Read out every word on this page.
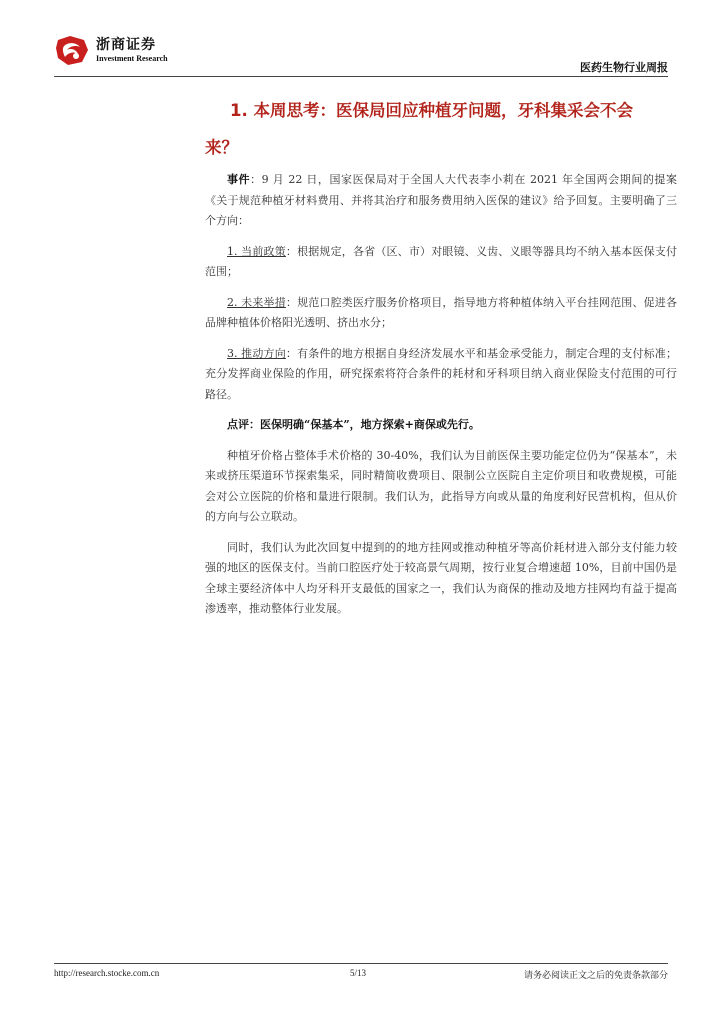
浙商证券
Investment Research
医药生物行业周报
1. 本周思考：医保局回应种植牙问题，牙科集采会不会
来？

事件：9 月 22 日，国家医保局对于全国人大代表李小莉在 2021 年全国两会期间的提案《关于规范种植牙材料费用、并将其治疗和服务费用纳入医保的建议》给予回复。主要明确了三个方向：

1. 当前政策：根据规定，各省（区、市）对眼镜、义齿、义眼等器具均不纳入基本医保支付范围；

2. 未来举措：规范口腔类医疗服务价格项目，指导地方将种植体纳入平台挂网范围、促进各品牌种植体价格阳光透明、挤出水分；

3. 推动方向：有条件的地方根据自身经济发展水平和基金承受能力，制定合理的支付标准；充分发挥商业保险的作用，研究探索将符合条件的耗材和牙科项目纳入商业保险支付范围的可行路径。

点评：医保明确“保基本”，地方探索+商保或先行。

种植牙价格占整体手术价格的 30-40%，我们认为目前医保主要功能定位仍为“保基本”，未来或挤压渠道环节探索集采，同时精简收费项目、限制公立医院自主定价项目和收费规模，可能会对公立医院的价格和量进行限制。我们认为，此指导方向或从量的角度利好民营机构，但从价的方向与公立联动。

同时，我们认为此次回复中提到的的地方挂网或推动种植牙等高价耗材进入部分支付能力较强的地区的医保支付。当前口腔医疗处于较高景气周期，按行业复合增速超 10%，目前中国仍是全球主要经济体中人均牙科开支最低的国家之一，我们认为商保的推动及地方挂网均有益于提高渗透率，推动整体行业发展。

http://research.stocke.com.cn	5/13	请务必阅读正文之后的免责条款部分
